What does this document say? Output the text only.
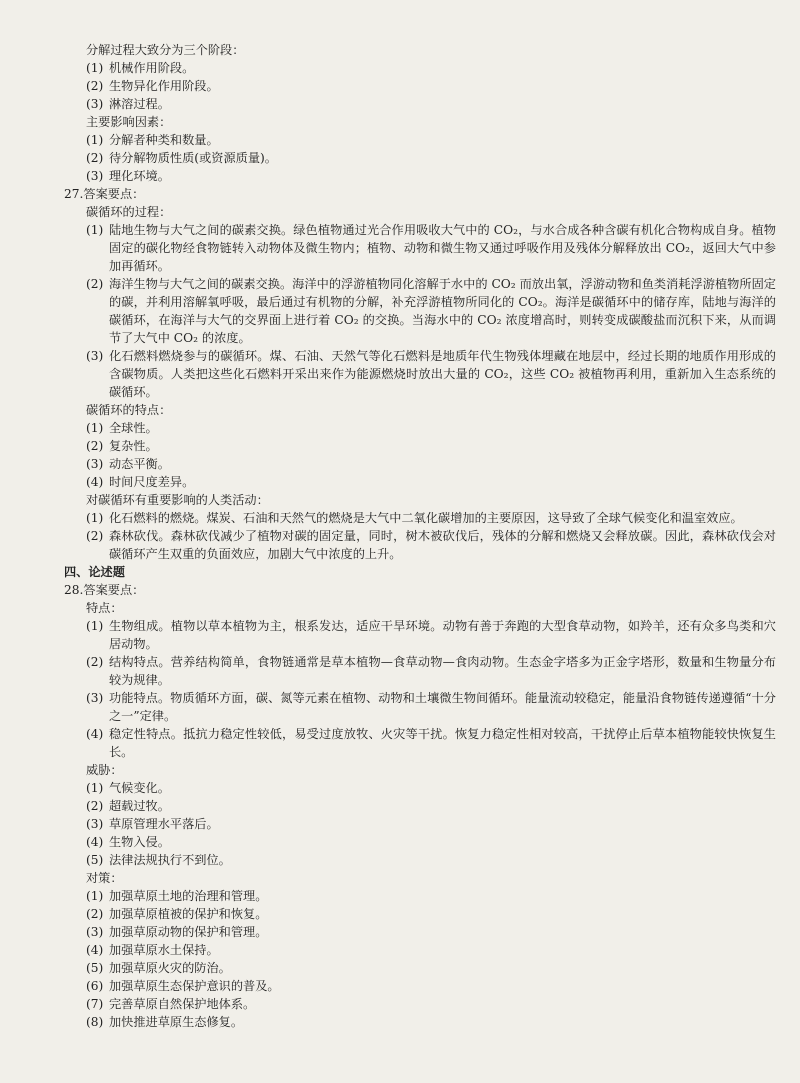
分解过程大致分为三个阶段：
(1) 机械作用阶段。
(2) 生物异化作用阶段。
(3) 淋溶过程。
主要影响因素：
(1) 分解者种类和数量。
(2) 待分解物质性质(或资源质量)。
(3) 理化环境。
27.答案要点：
碳循环的过程：
(1) 陆地生物与大气之间的碳素交换。绿色植物通过光合作用吸收大气中的 CO₂，与水合成各种含碳有机化合物构成自身。植物固定的碳化物经食物链转入动物体及微生物内；植物、动物和微生物又通过呼吸作用及残体分解释放出 CO₂，返回大气中参加再循环。
(2) 海洋生物与大气之间的碳素交换。海洋中的浮游植物同化溶解于水中的 CO₂ 而放出氧，浮游动物和鱼类消耗浮游植物所固定的碳，并利用溶解氧呼吸，最后通过有机物的分解，补充浮游植物所同化的 CO₂。海洋是碳循环中的储存库，陆地与海洋的碳循环，在海洋与大气的交界面上进行着 CO₂ 的交换。当海水中的 CO₂ 浓度增高时，则转变成碳酸盐而沉积下来，从而调节了大气中 CO₂ 的浓度。
(3) 化石燃料燃烧参与的碳循环。煤、石油、天然气等化石燃料是地质年代生物残体埋藏在地层中，经过长期的地质作用形成的含碳物质。人类把这些化石燃料开采出来作为能源燃烧时放出大量的 CO₂，这些 CO₂ 被植物再利用，重新加入生态系统的碳循环。
碳循环的特点：
(1) 全球性。
(2) 复杂性。
(3) 动态平衡。
(4) 时间尺度差异。
对碳循环有重要影响的人类活动：
(1) 化石燃料的燃烧。煤炭、石油和天然气的燃烧是大气中二氧化碳增加的主要原因，这导致了全球气候变化和温室效应。
(2) 森林砍伐。森林砍伐减少了植物对碳的固定量，同时，树木被砍伐后，残体的分解和燃烧又会释放碳。因此，森林砍伐会对碳循环产生双重的负面效应，加剧大气中浓度的上升。
四、论述题
28.答案要点：
特点：
(1) 生物组成。植物以草本植物为主，根系发达，适应干旱环境。动物有善于奔跑的大型食草动物，如羚羊，还有众多鸟类和穴居动物。
(2) 结构特点。营养结构简单，食物链通常是草本植物—食草动物—食肉动物。生态金字塔多为正金字塔形，数量和生物量分布较为规律。
(3) 功能特点。物质循环方面，碳、氮等元素在植物、动物和土壤微生物间循环。能量流动较稳定，能量沿食物链传递遵循“十分之一”定律。
(4) 稳定性特点。抵抗力稳定性较低，易受过度放牧、火灾等干扰。恢复力稳定性相对较高，干扰停止后草本植物能较快恢复生长。
威胁：
(1) 气候变化。
(2) 超载过牧。
(3) 草原管理水平落后。
(4) 生物入侵。
(5) 法律法规执行不到位。
对策：
(1) 加强草原土地的治理和管理。
(2) 加强草原植被的保护和恢复。
(3) 加强草原动物的保护和管理。
(4) 加强草原水土保持。
(5) 加强草原火灾的防治。
(6) 加强草原生态保护意识的普及。
(7) 完善草原自然保护地体系。
(8) 加快推进草原生态修复。
